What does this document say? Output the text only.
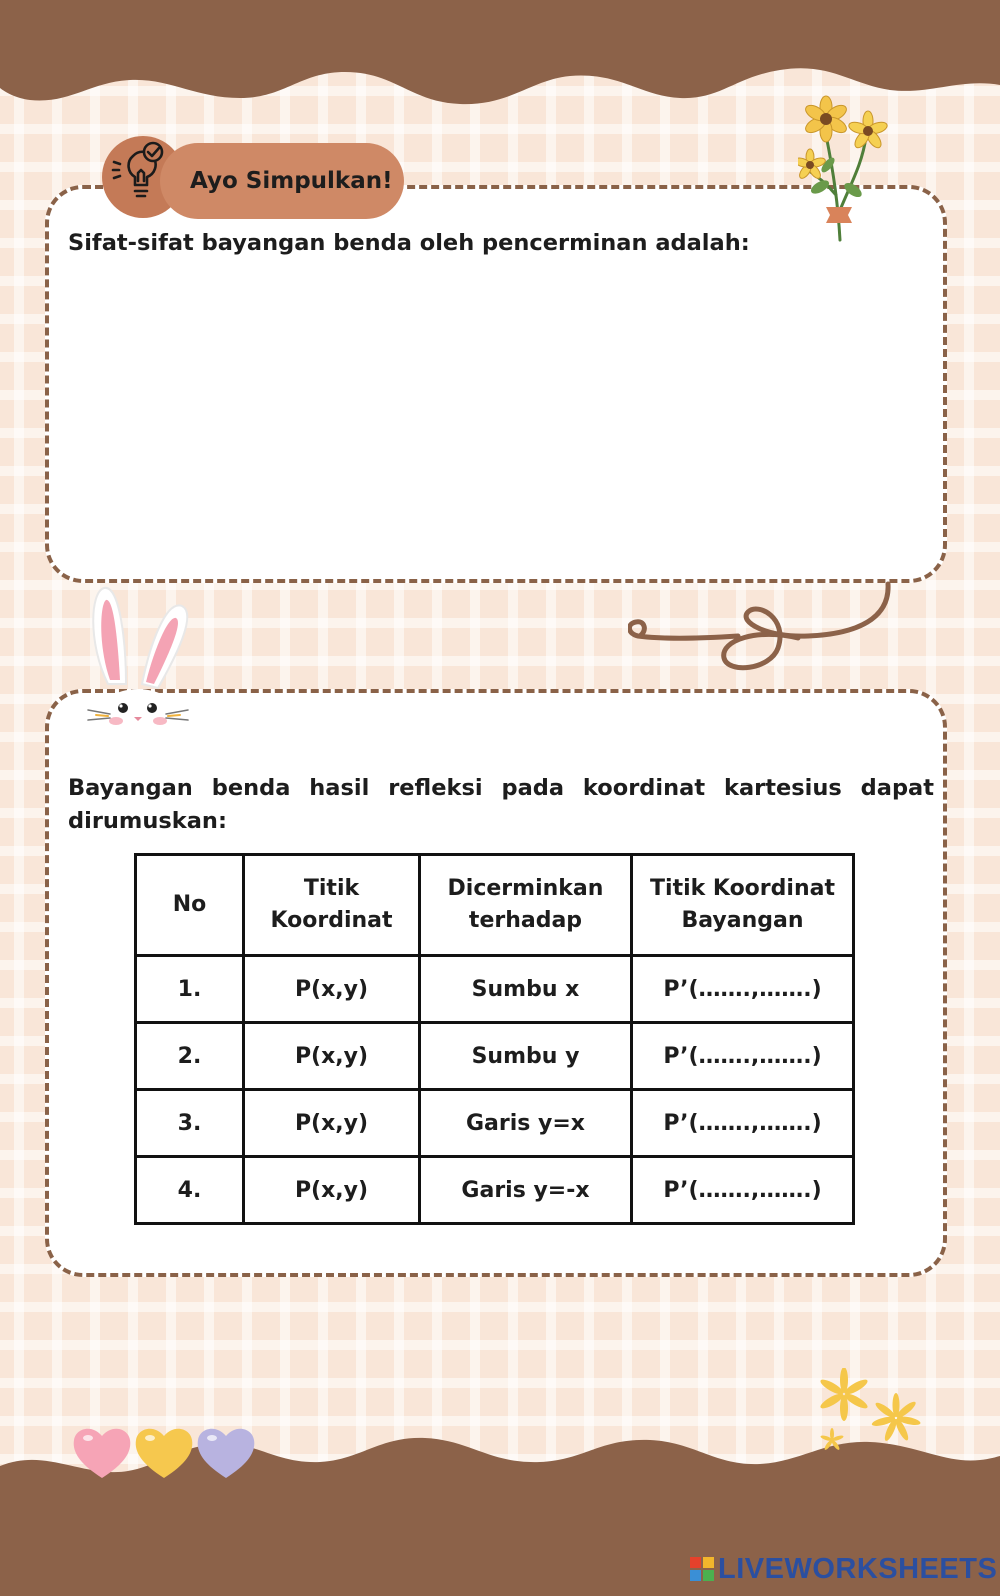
Ayo Simpulkan!
Sifat-sifat bayangan benda oleh pencerminan adalah:
Bayangan benda hasil refleksi pada koordinat kartesius dapat dirumuskan:
No	Titik Koordinat	Dicerminkan terhadap	Titik Koordinat Bayangan
1.	P(x,y)	Sumbu x	P’(…….,…….)
2.	P(x,y)	Sumbu y	P’(…….,…….)
3.	P(x,y)	Garis y=x	P’(…….,…….)
4.	P(x,y)	Garis y=-x	P’(…….,…….)
LIVEWORKSHEETS
